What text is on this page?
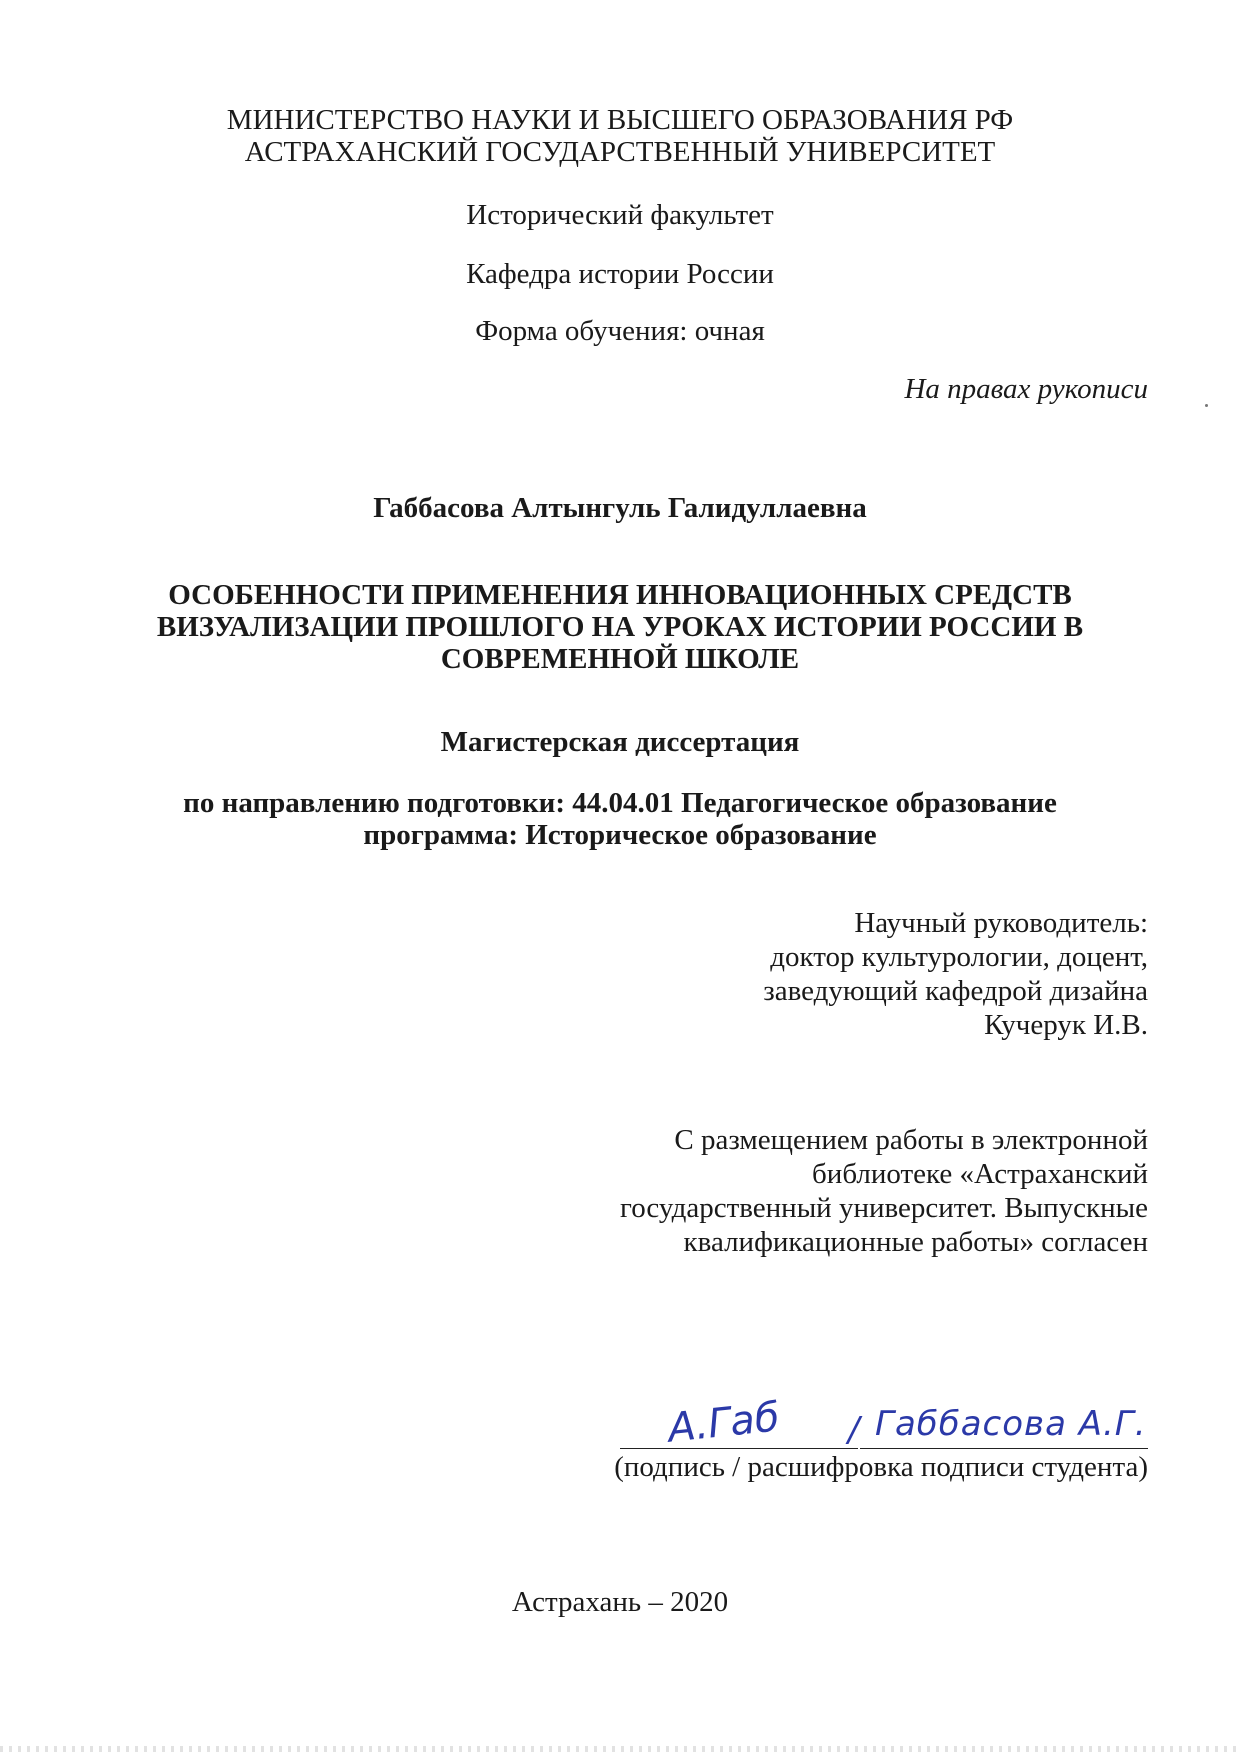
МИНИСТЕРСТВО НАУКИ И ВЫСШЕГО ОБРАЗОВАНИЯ РФ

АСТРАХАНСКИЙ ГОСУДАРСТВЕННЫЙ УНИВЕРСИТЕТ

Исторический факультет

Кафедра истории России

Форма обучения: очная

На правах рукописи

Габбасова Алтынгуль Галидуллаевна

ОСОБЕННОСТИ ПРИМЕНЕНИЯ ИННОВАЦИОННЫХ СРЕДСТВ
ВИЗУАЛИЗАЦИИ ПРОШЛОГО НА УРОКАХ ИСТОРИИ РОССИИ В
СОВРЕМЕННОЙ ШКОЛЕ

Магистерская диссертация

по направлению подготовки: 44.04.01 Педагогическое образование

программа: Историческое образование

Научный руководитель:
доктор культурологии, доцент,
заведующий кафедрой дизайна
Кучерук И.В.
С размещением работы в электронной
библиотеке «Астраханский
государственный университет. Выпускные
квалификационные работы» согласен
А.Габ / Габбасова А.Г.

(подпись / расшифровка подписи студента)

Астрахань – 2020
